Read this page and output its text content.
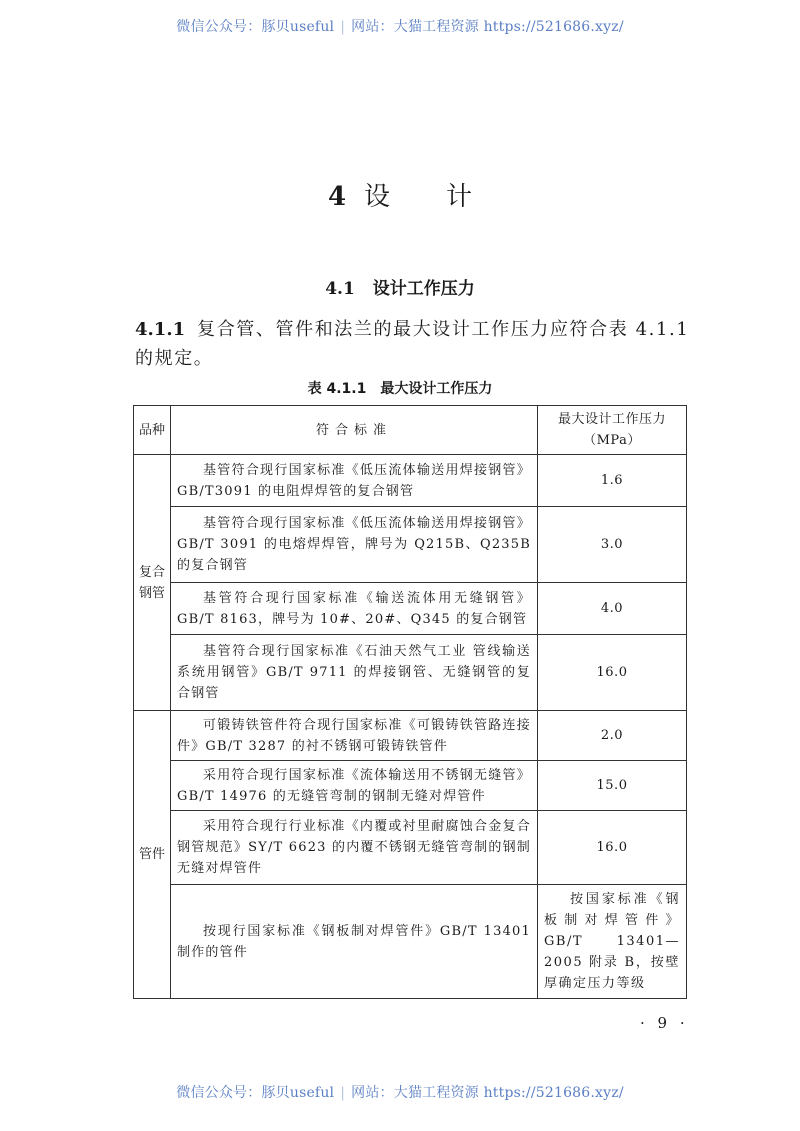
微信公众号：豚贝useful | 网站：大猫工程资源 https://521686.xyz/
4 设 计
4.1 设计工作压力
4.1.1 复合管、管件和法兰的最大设计工作压力应符合表 4.1.1 的规定。
表 4.1.1 最大设计工作压力
品种	符合标准	最大设计工作压力（MPa）
复合钢管	基管符合现行国家标准《低压流体输送用焊接钢管》GB/T3091 的电阻焊焊管的复合钢管	1.6

	基管符合现行国家标准《低压流体输送用焊接钢管》GB/T 3091 的电熔焊焊管，牌号为 Q215B、Q235B 的复合钢管	3.0

	基管符合现行国家标准《输送流体用无缝钢管》GB/T 8163，牌号为 10#、20#、Q345 的复合钢管	4.0

	基管符合现行国家标准《石油天然气工业 管线输送系统用钢管》GB/T 9711 的焊接钢管、无缝钢管的复合钢管	16.0
管件	可锻铸铁管件符合现行国家标准《可锻铸铁管路连接件》GB/T 3287 的衬不锈钢可锻铸铁管件	2.0

	采用符合现行国家标准《流体输送用不锈钢无缝管》GB/T 14976 的无缝管弯制的钢制无缝对焊管件	15.0

	采用符合现行行业标准《内覆或衬里耐腐蚀合金复合钢管规范》SY/T 6623 的内覆不锈钢无缝管弯制的钢制无缝对焊管件	16.0

	按现行国家标准《钢板制对焊管件》GB/T 13401 制作的管件	按国家标准《钢板制对焊管件》GB/T 13401—2005 附录 B，按壁厚确定压力等级
· 9 ·
微信公众号：豚贝useful | 网站：大猫工程资源 https://521686.xyz/
